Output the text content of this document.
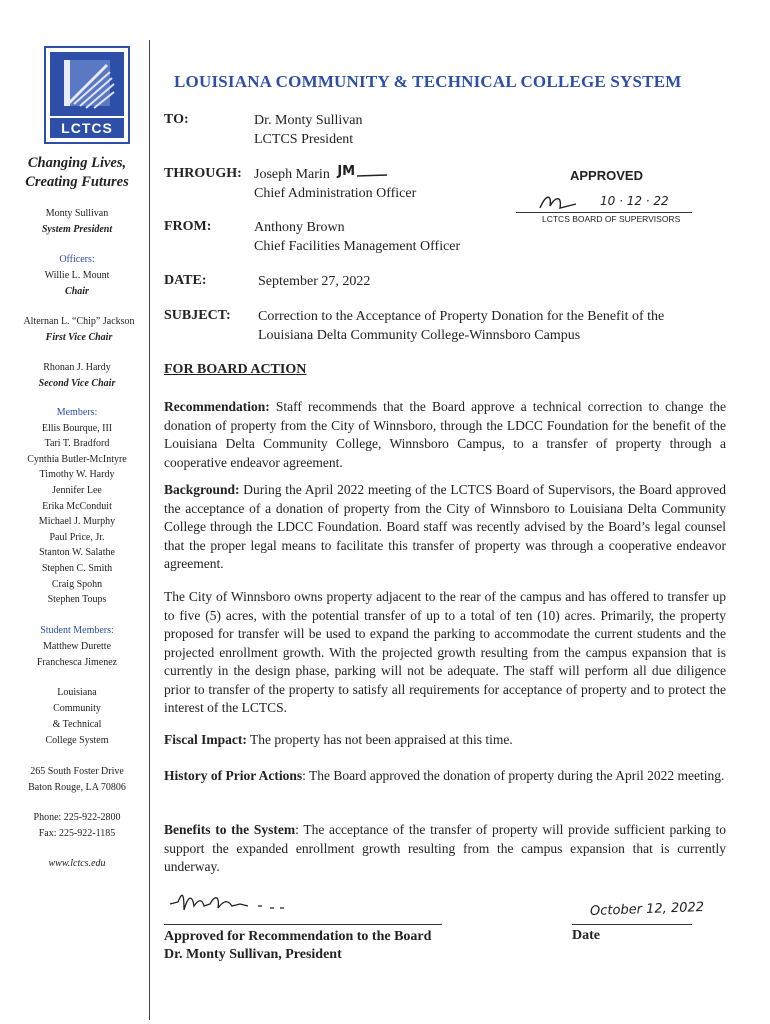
LCTCS
Changing Lives,
Creating Futures
Monty Sullivan
System President
Officers:
Willie L. Mount
Chair
Alternan L. “Chip” Jackson
First Vice Chair
Rhonan J. Hardy
Second Vice Chair
Members:
Ellis Bourque, III
Tari T. Bradford
Cynthia Butler-McIntyre
Timothy W. Hardy
Jennifer Lee
Erika McConduit
Michael J. Murphy
Paul Price, Jr.
Stanton W. Salathe
Stephen C. Smith
Craig Spohn
Stephen Toups
Student Members:
Matthew Durette
Franchesca Jimenez
Louisiana
Community
& Technical
College System
265 South Foster Drive
Baton Rouge, LA 70806
Phone: 225-922-2800
Fax: 225-922-1185
www.lctcs.edu
LOUISIANA COMMUNITY & TECHNICAL COLLEGE SYSTEM
TO:	Dr. Monty Sullivan
LCTCS President
THROUGH: Joseph Marin JM
Chief Administration Officer
FROM:	Anthony Brown
Chief Facilities Management Officer
DATE:	September 27, 2022
SUBJECT: Correction to the Acceptance of Property Donation for the Benefit of the
Louisiana Delta Community College-Winnsboro Campus
APPROVED
10 · 12 · 22
LCTCS BOARD OF SUPERVISORS
FOR BOARD ACTION
Recommendation: Staff recommends that the Board approve a technical correction to change the donation of property from the City of Winnsboro, through the LDCC Foundation for the benefit of the Louisiana Delta Community College, Winnsboro Campus, to a transfer of property through a cooperative endeavor agreement.
Background: During the April 2022 meeting of the LCTCS Board of Supervisors, the Board approved the acceptance of a donation of property from the City of Winnsboro to Louisiana Delta Community College through the LDCC Foundation. Board staff was recently advised by the Board’s legal counsel that the proper legal means to facilitate this transfer of property was through a cooperative endeavor agreement.
The City of Winnsboro owns property adjacent to the rear of the campus and has offered to transfer up to five (5) acres, with the potential transfer of up to a total of ten (10) acres. Primarily, the property proposed for transfer will be used to expand the parking to accommodate the current students and the projected enrollment growth. With the projected growth resulting from the campus expansion that is currently in the design phase, parking will not be adequate. The staff will perform all due diligence prior to transfer of the property to satisfy all requirements for acceptance of property and to protect the interest of the LCTCS.
Fiscal Impact: The property has not been appraised at this time.
History of Prior Actions: The Board approved the donation of property during the April 2022 meeting.
Benefits to the System: The acceptance of the transfer of property will provide sufficient parking to support the expanded enrollment growth resulting from the campus expansion that is currently underway.
Approved for Recommendation to the Board
Dr. Monty Sullivan, President
October 12, 2022
Date
